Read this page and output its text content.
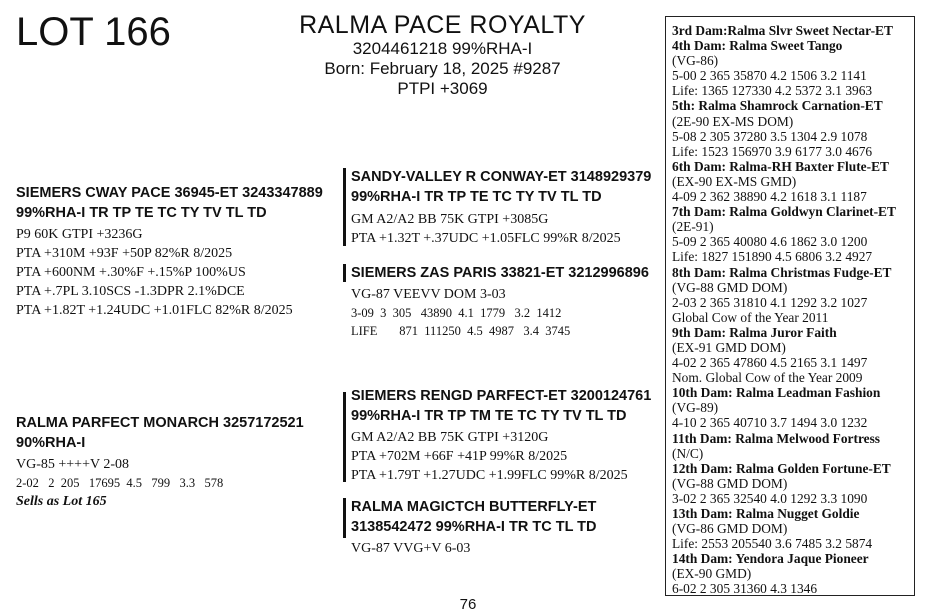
LOT 166	RALMA PACE ROYALTY
3204461218 99%RHA-I
Born: February 18, 2025 #9287
PTPI +3069
SIEMERS CWAY PACE 36945-ET 3243347889
99%RHA-I TR TP TE TC TY TV TL TD
P9 60K GTPI +3236G
PTA +310M +93F +50P 82%R 8/2025
PTA +600NM +.30%F +.15%P 100%US
PTA +.7PL 3.10SCS -1.3DPR 2.1%DCE
PTA +1.82T +1.24UDC +1.01FLC 82%R 8/2025
SANDY-VALLEY R CONWAY-ET 3148929379
99%RHA-I TR TP TE TC TY TV TL TD
GM A2/A2 BB 75K GTPI +3085G
PTA +1.32T +.37UDC +1.05FLC 99%R 8/2025
SIEMERS ZAS PARIS 33821-ET 3212996896
VG-87 VEEVV DOM 3-03
3-09  3  305   43890  4.1  1779   3.2  1412
LIFE       871  111250  4.5  4987   3.4  3745
RALMA PARFECT MONARCH 3257172521
90%RHA-I
VG-85 ++++V 2-08
2-02   2  205   17695  4.5   799   3.3   578
Sells as Lot 165
SIEMERS RENGD PARFECT-ET 3200124761
99%RHA-I TR TP TM TE TC TY TV TL TD
GM A2/A2 BB 75K GTPI +3120G
PTA +702M +66F +41P 99%R 8/2025
PTA +1.79T +1.27UDC +1.99FLC 99%R 8/2025
RALMA MAGICTCH BUTTERFLY-ET
3138542472 99%RHA-I TR TC TL TD
VG-87 VVG+V 6-03
3rd Dam:Ralma Slvr Sweet Nectar-ET
4th Dam: Ralma Sweet Tango
(VG-86)
5-00 2 365 35870 4.2 1506 3.2 1141
Life: 1365 127330 4.2 5372 3.1 3963
5th: Ralma Shamrock Carnation-ET
(2E-90 EX-MS DOM)
5-08 2 305 37280 3.5 1304 2.9 1078
Life: 1523 156970 3.9 6177 3.0 4676
6th Dam: Ralma-RH Baxter Flute-ET
(EX-90 EX-MS GMD)
4-09 2 362 38890 4.2 1618 3.1 1187
7th Dam: Ralma Goldwyn Clarinet-ET
(2E-91)
5-09 2 365 40080 4.6 1862 3.0 1200
Life: 1827 151890 4.5 6806 3.2 4927
8th Dam: Ralma Christmas Fudge-ET
(VG-88 GMD DOM)
2-03 2 365 31810 4.1 1292 3.2 1027
Global Cow of the Year 2011
9th Dam: Ralma Juror Faith
(EX-91 GMD DOM)
4-02 2 365 47860 4.5 2165 3.1 1497
Nom. Global Cow of the Year 2009
10th Dam: Ralma Leadman Fashion
(VG-89)
4-10 2 365 40710 3.7 1494 3.0 1232
11th Dam: Ralma Melwood Fortress
(N/C)
12th Dam: Ralma Golden Fortune-ET
(VG-88 GMD DOM)
3-02 2 365 32540 4.0 1292 3.3 1090
13th Dam: Ralma Nugget Goldie
(VG-86 GMD DOM)
Life: 2553 205540 3.6 7485 3.2 5874
14th Dam: Yendora Jaque Pioneer
(EX-90 GMD)
6-02 2 305 31360 4.3 1346
76
